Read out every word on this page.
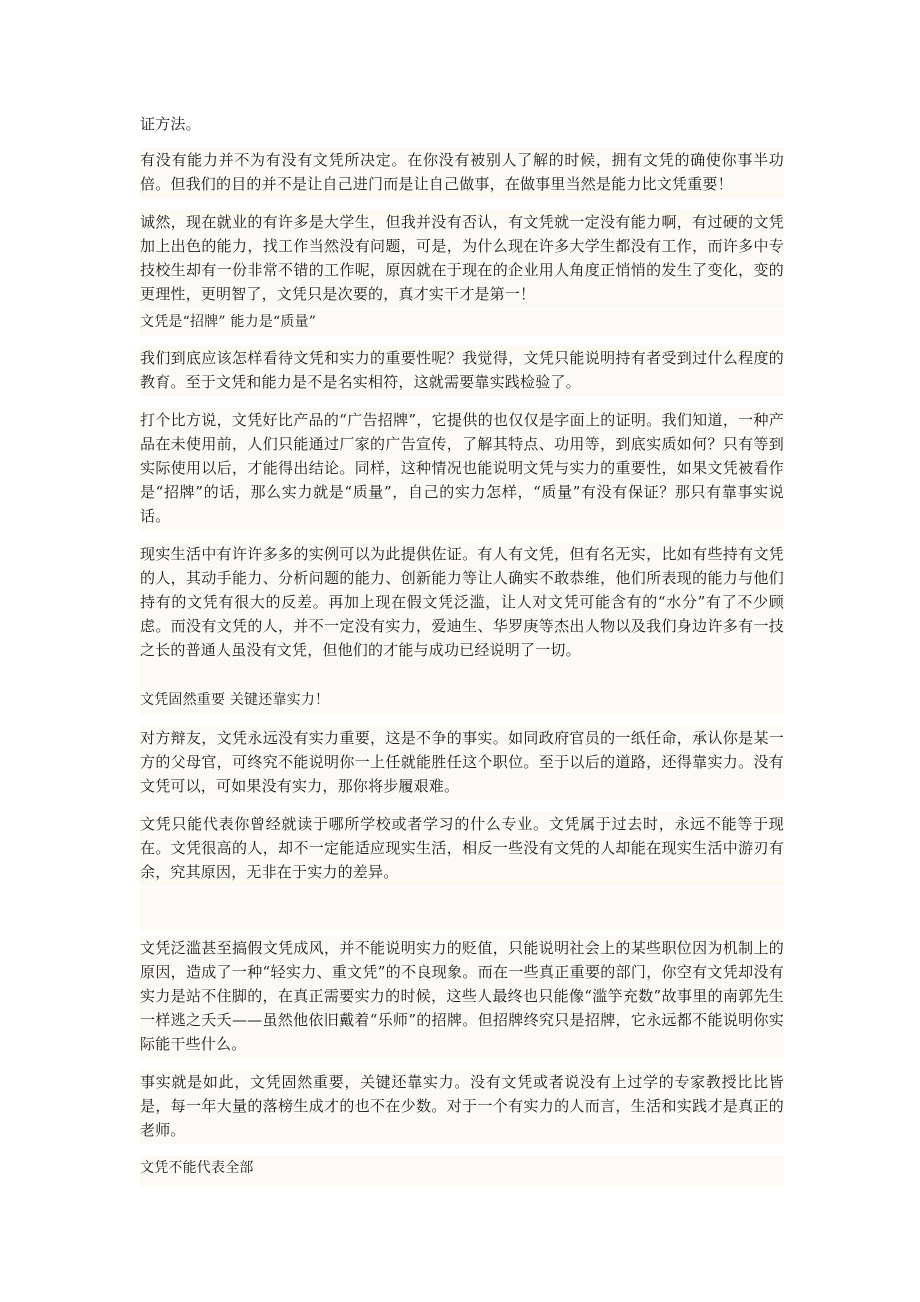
证方法。

有没有能力并不为有没有文凭所决定。在你没有被别人了解的时候，拥有文凭的确使你事半功倍。但我们的目的并不是让自己进门而是让自己做事，在做事里当然是能力比文凭重要！

诚然，现在就业的有许多是大学生，但我并没有否认，有文凭就一定没有能力啊，有过硬的文凭加上出色的能力，找工作当然没有问题，可是，为什么现在许多大学生都没有工作，而许多中专技校生却有一份非常不错的工作呢，原因就在于现在的企业用人角度正悄悄的发生了变化，变的更理性，更明智了，文凭只是次要的，真才实干才是第一！

文凭是“招牌” 能力是“质量”

我们到底应该怎样看待文凭和实力的重要性呢？我觉得，文凭只能说明持有者受到过什么程度的教育。至于文凭和能力是不是名实相符，这就需要靠实践检验了。

打个比方说，文凭好比产品的“广告招牌”，它提供的也仅仅是字面上的证明。我们知道，一种产品在未使用前，人们只能通过厂家的广告宣传，了解其特点、功用等，到底实质如何？只有等到实际使用以后，才能得出结论。同样，这种情况也能说明文凭与实力的重要性，如果文凭被看作是“招牌”的话，那么实力就是“质量”，自己的实力怎样，“质量”有没有保证？那只有靠事实说话。

现实生活中有许许多多的实例可以为此提供佐证。有人有文凭，但有名无实，比如有些持有文凭的人，其动手能力、分析问题的能力、创新能力等让人确实不敢恭维，他们所表现的能力与他们持有的文凭有很大的反差。再加上现在假文凭泛滥，让人对文凭可能含有的“水分”有了不少顾虑。而没有文凭的人，并不一定没有实力，爱迪生、华罗庚等杰出人物以及我们身边许多有一技之长的普通人虽没有文凭，但他们的才能与成功已经说明了一切。

文凭固然重要 关键还靠实力！

对方辩友，文凭永远没有实力重要，这是不争的事实。如同政府官员的一纸任命，承认你是某一方的父母官，可终究不能说明你一上任就能胜任这个职位。至于以后的道路，还得靠实力。没有文凭可以，可如果没有实力，那你将步履艰难。

文凭只能代表你曾经就读于哪所学校或者学习的什么专业。文凭属于过去时，永远不能等于现在。文凭很高的人，却不一定能适应现实生活，相反一些没有文凭的人却能在现实生活中游刃有余，究其原因，无非在于实力的差异。

文凭泛滥甚至搞假文凭成风，并不能说明实力的贬值，只能说明社会上的某些职位因为机制上的原因，造成了一种“轻实力、重文凭”的不良现象。而在一些真正重要的部门，你空有文凭却没有实力是站不住脚的，在真正需要实力的时候，这些人最终也只能像“滥竽充数”故事里的南郭先生一样逃之夭夭——虽然他依旧戴着“乐师”的招牌。但招牌终究只是招牌，它永远都不能说明你实际能干些什么。

事实就是如此，文凭固然重要，关键还靠实力。没有文凭或者说没有上过学的专家教授比比皆是，每一年大量的落榜生成才的也不在少数。对于一个有实力的人而言，生活和实践才是真正的老师。

文凭不能代表全部
